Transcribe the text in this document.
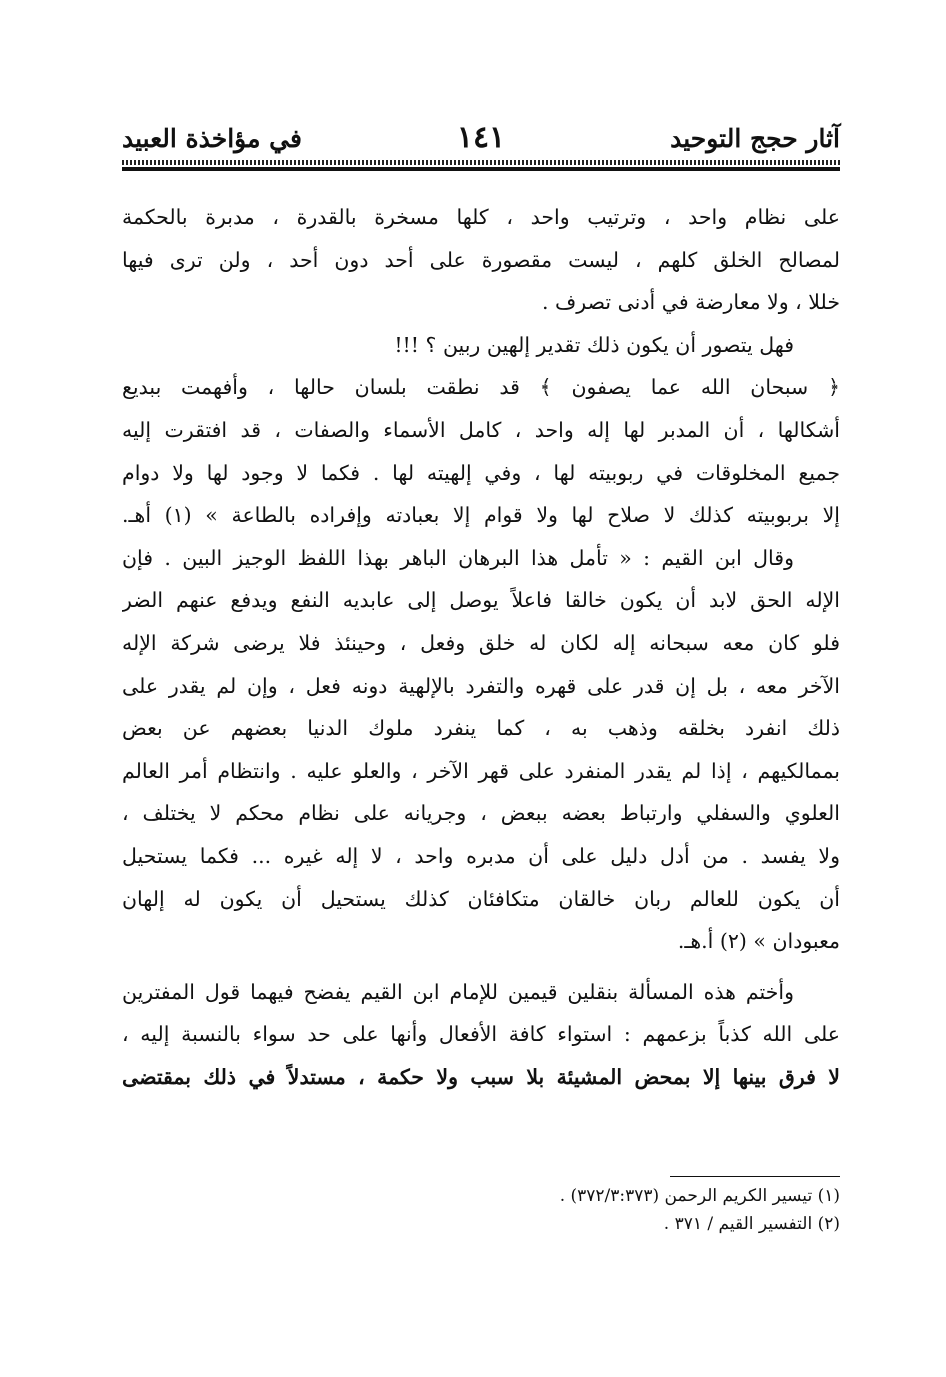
آثار حجج التوحيد
١٤١
في مؤاخذة العبيد
على نظام واحد ، وترتيب واحد ، كلها مسخرة بالقدرة ، مدبرة بالحكمة
لمصالح الخلق كلهم ، ليست مقصورة على أحد دون أحد ، ولن ترى فيها
خللا ، ولا معارضة في أدنى تصرف .
فهل يتصور أن يكون ذلك تقدير إلهين ربين ؟ !!!
﴿ سبحان الله عما يصفون ﴾ قد نطقت بلسان حالها ، وأفهمت ببديع
أشكالها ، أن المدبر لها إله واحد ، كامل الأسماء والصفات ، قد افتقرت إليه
جميع المخلوقات في ربوبيته لها ، وفي إلهيته لها . فكما لا وجود لها ولا دوام
إلا بربوبيته كذلك لا صلاح لها ولا قوام إلا بعبادته وإفراده بالطاعة » (١) أهـ.
وقال ابن القيم : « تأمل هذا البرهان الباهر بهذا اللفظ الوجيز البين . فإن
الإله الحق لابد أن يكون خالقا فاعلاً يوصل إلى عابديه النفع ويدفع عنهم الضر
فلو كان معه سبحانه إله لكان له خلق وفعل ، وحينئذ فلا يرضى شركة الإله
الآخر معه ، بل إن قدر على قهره والتفرد بالإلهية دونه فعل ، وإن لم يقدر على
ذلك انفرد بخلقه وذهب به ، كما ينفرد ملوك الدنيا بعضهم عن بعض
بممالكيهم ، إذا لم يقدر المنفرد على قهر الآخر ، والعلو عليه . وانتظام أمر العالم
العلوي والسفلي وارتباط بعضه ببعض ، وجريانه على نظام محكم لا يختلف ،
ولا يفسد . من أدل دليل على أن مدبره واحد ، لا إله غيره ... فكما يستحيل
أن يكون للعالم ربان خالقان متكافئان كذلك يستحيل أن يكون له إلهان
معبودان » (٢) أ.هـ.
وأختم هذه المسألة بنقلين قيمين للإمام ابن القيم يفضح فيهما قول المفترين
على الله كذباً بزعمهم : استواء كافة الأفعال وأنها على حد سواء بالنسبة إليه ،
لا فرق بينها إلا بمحض المشيئة بلا سبب ولا حكمة ، مستدلاً في ذلك بمقتضى
(١) تيسير الكريم الرحمن (٣٧٢/٣:٣٧٣) .
(٢) التفسير القيم / ٣٧١ .
